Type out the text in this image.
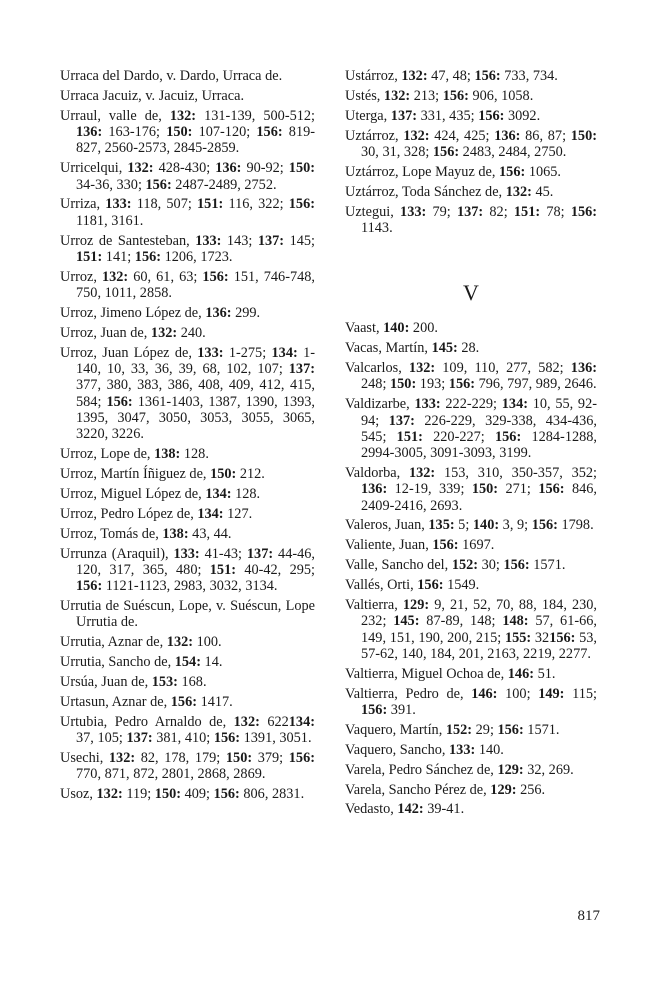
Urraca del Dardo, v. Dardo, Urraca de.
Urraca Jacuiz, v. Jacuiz, Urraca.
Urraul, valle de, 132: 131-139, 500-512; 136: 163-176; 150: 107-120; 156: 819-827, 2560-2573, 2845-2859.
Urricelqui, 132: 428-430; 136: 90-92; 150: 34-36, 330; 156: 2487-2489, 2752.
Urriza, 133: 118, 507; 151: 116, 322; 156: 1181, 3161.
Urroz de Santesteban, 133: 143; 137: 145; 151: 141; 156: 1206, 1723.
Urroz, 132: 60, 61, 63; 156: 151, 746-748, 750, 1011, 2858.
Urroz, Jimeno López de, 136: 299.
Urroz, Juan de, 132: 240.
Urroz, Juan López de, 133: 1-275; 134: 1-140, 10, 33, 36, 39, 68, 102, 107; 137: 377, 380, 383, 386, 408, 409, 412, 415, 584; 156: 1361-1403, 1387, 1390, 1393, 1395, 3047, 3050, 3053, 3055, 3065, 3220, 3226.
Urroz, Lope de, 138: 128.
Urroz, Martín Íñiguez de, 150: 212.
Urroz, Miguel López de, 134: 128.
Urroz, Pedro López de, 134: 127.
Urroz, Tomás de, 138: 43, 44.
Urrunza (Araquil), 133: 41-43; 137: 44-46, 120, 317, 365, 480; 151: 40-42, 295; 156: 1121-1123, 2983, 3032, 3134.
Urrutia de Suéscun, Lope, v. Suéscun, Lope Urrutia de.
Urrutia, Aznar de, 132: 100.
Urrutia, Sancho de, 154: 14.
Ursúa, Juan de, 153: 168.
Urtasun, Aznar de, 156: 1417.
Urtubia, Pedro Arnaldo de, 132: 622134: 37, 105; 137: 381, 410; 156: 1391, 3051.
Usechi, 132: 82, 178, 179; 150: 379; 156: 770, 871, 872, 2801, 2868, 2869.
Usoz, 132: 119; 150: 409; 156: 806, 2831.
Ustárroz, 132: 47, 48; 156: 733, 734.
Ustés, 132: 213; 156: 906, 1058.
Uterga, 137: 331, 435; 156: 3092.
Uztárroz, 132: 424, 425; 136: 86, 87; 150: 30, 31, 328; 156: 2483, 2484, 2750.
Uztárroz, Lope Mayuz de, 156: 1065.
Uztárroz, Toda Sánchez de, 132: 45.
Uztegui, 133: 79; 137: 82; 151: 78; 156: 1143.
V
Vaast, 140: 200.
Vacas, Martín, 145: 28.
Valcarlos, 132: 109, 110, 277, 582; 136: 248; 150: 193; 156: 796, 797, 989, 2646.
Valdizarbe, 133: 222-229; 134: 10, 55, 92-94; 137: 226-229, 329-338, 434-436, 545; 151: 220-227; 156: 1284-1288, 2994-3005, 3091-3093, 3199.
Valdorba, 132: 153, 310, 350-357, 352; 136: 12-19, 339; 150: 271; 156: 846, 2409-2416, 2693.
Valeros, Juan, 135: 5; 140: 3, 9; 156: 1798.
Valiente, Juan, 156: 1697.
Valle, Sancho del, 152: 30; 156: 1571.
Vallés, Orti, 156: 1549.
Valtierra, 129: 9, 21, 52, 70, 88, 184, 230, 232; 145: 87-89, 148; 148: 57, 61-66, 149, 151, 190, 200, 215; 155: 32156: 53, 57-62, 140, 184, 201, 2163, 2219, 2277.
Valtierra, Miguel Ochoa de, 146: 51.
Valtierra, Pedro de, 146: 100; 149: 115; 156: 391.
Vaquero, Martín, 152: 29; 156: 1571.
Vaquero, Sancho, 133: 140.
Varela, Pedro Sánchez de, 129: 32, 269.
Varela, Sancho Pérez de, 129: 256.
Vedasto, 142: 39-41.
817
